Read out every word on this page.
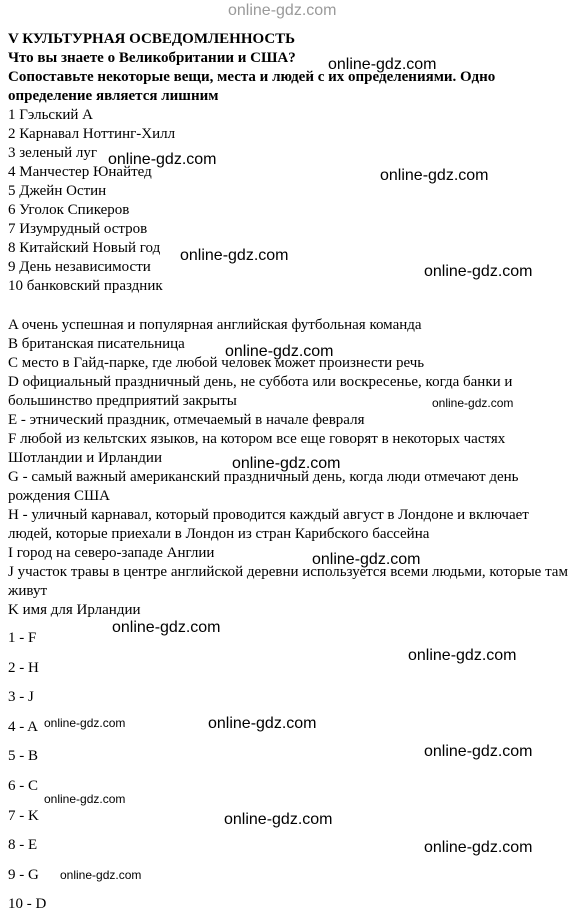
online-gdz.com
online-gdz.com
online-gdz.com
online-gdz.com
online-gdz.com
online-gdz.com
online-gdz.com
online-gdz.com
online-gdz.com
online-gdz.com
online-gdz.com
online-gdz.com
online-gdz.com	online-gdz.com
online-gdz.com
online-gdz.com
online-gdz.com
online-gdz.com
online-gdz.com
V КУЛЬТУРНАЯ ОСВЕДОМЛЕННОСТЬ
Что вы знаете о Великобритании и США?
Сопоставьте некоторые вещи, места и людей с их определениями. Одно определение является лишним
1 Гэльский А
2 Карнавал Ноттинг-Хилл
3 зеленый луг
4 Манчестер Юнайтед
5 Джейн Остин
6 Уголок Спикеров
7 Изумрудный остров
8 Китайский Новый год
9 День независимости
10 банковский праздник
A очень успешная и популярная английская футбольная команда
B британская писательница
C место в Гайд-парке, где любой человек может произнести речь
D официальный праздничный день, не суббота или воскресенье, когда банки и большинство предприятий закрыты
E - этнический праздник, отмечаемый в начале февраля
F любой из кельтских языков, на котором все еще говорят в некоторых частях Шотландии и Ирландии
G - самый важный американский праздничный день, когда люди отмечают день рождения США
H - уличный карнавал, который проводится каждый август в Лондоне и включает людей, которые приехали в Лондон из стран Карибского бассейна
I город на северо-западе Англии
J участок травы в центре английской деревни используется всеми людьми, которые там живут
K имя для Ирландии
1 - F
2 - H
3 - J
4 - A
5 - B
6 - C
7 - K
8 - E
9 - G
10 - D
